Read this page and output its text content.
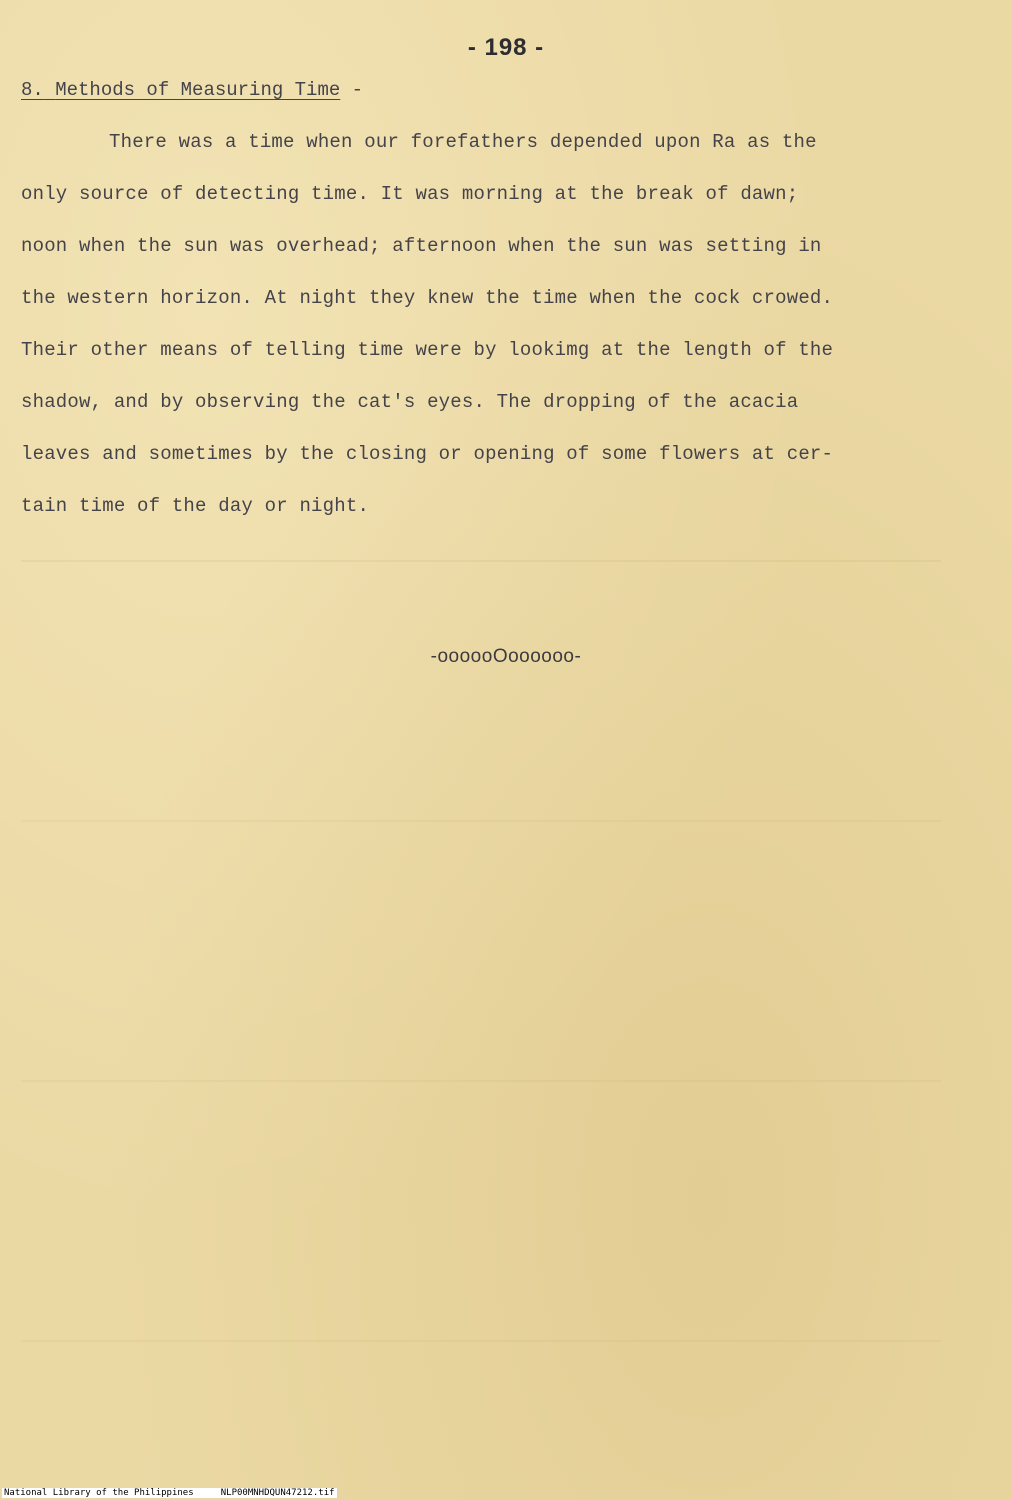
- 198 -
8. Methods of Measuring Time -
There was a time when our forefathers depended upon Ra as the
only source of detecting time. It was morning at the break of dawn;
noon when the sun was overhead; afternoon when the sun was setting in
the western horizon. At night they knew the time when the cock crowed.
Their other means of telling time were by lookimg at the length of the
shadow, and by observing the cat's eyes. The dropping of the acacia
leaves and sometimes by the closing or opening of some flowers at cer-
tain time of the day or night.
-oooooOoooooo-
National Library of the Philippines     NLP00MNHDQUN47212.tif
